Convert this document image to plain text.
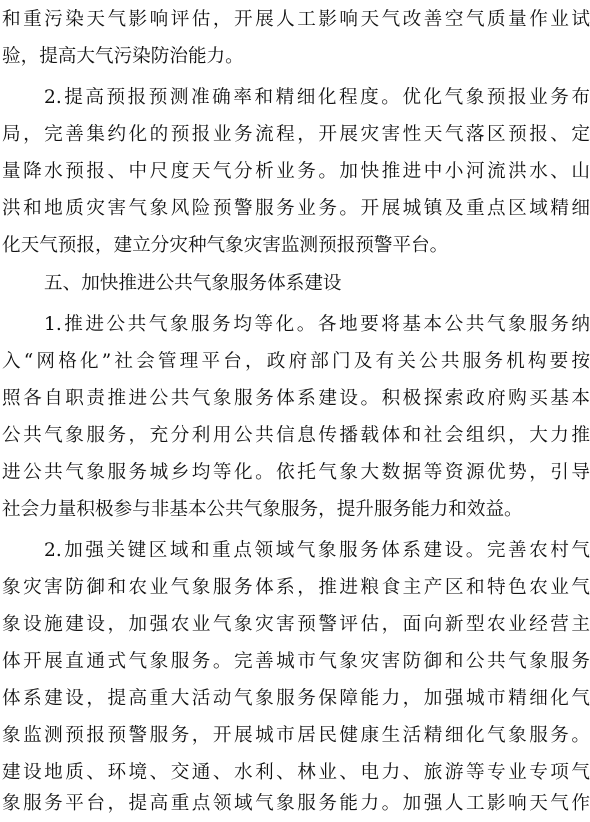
和重污染天气影响评估，开展人工影响天气改善空气质量作业试
验，提高大气污染防治能力。
2.提高预报预测准确率和精细化程度。优化气象预报业务布
局，完善集约化的预报业务流程，开展灾害性天气落区预报、定
量降水预报、中尺度天气分析业务。加快推进中小河流洪水、山
洪和地质灾害气象风险预警服务业务。开展城镇及重点区域精细
化天气预报，建立分灾种气象灾害监测预报预警平台。
五、加快推进公共气象服务体系建设
1.推进公共气象服务均等化。各地要将基本公共气象服务纳
入“网格化”社会管理平台，政府部门及有关公共服务机构要按
照各自职责推进公共气象服务体系建设。积极探索政府购买基本
公共气象服务，充分利用公共信息传播载体和社会组织，大力推
进公共气象服务城乡均等化。依托气象大数据等资源优势，引导
社会力量积极参与非基本公共气象服务，提升服务能力和效益。
2.加强关键区域和重点领域气象服务体系建设。完善农村气
象灾害防御和农业气象服务体系，推进粮食主产区和特色农业气
象设施建设，加强农业气象灾害预警评估，面向新型农业经营主
体开展直通式气象服务。完善城市气象灾害防御和公共气象服务
体系建设，提高重大活动气象服务保障能力，加强城市精细化气
象监测预报预警服务，开展城市居民健康生活精细化气象服务。
建设地质、环境、交通、水利、林业、电力、旅游等专业专项气
象服务平台，提高重点领域气象服务能力。加强人工影响天气作
